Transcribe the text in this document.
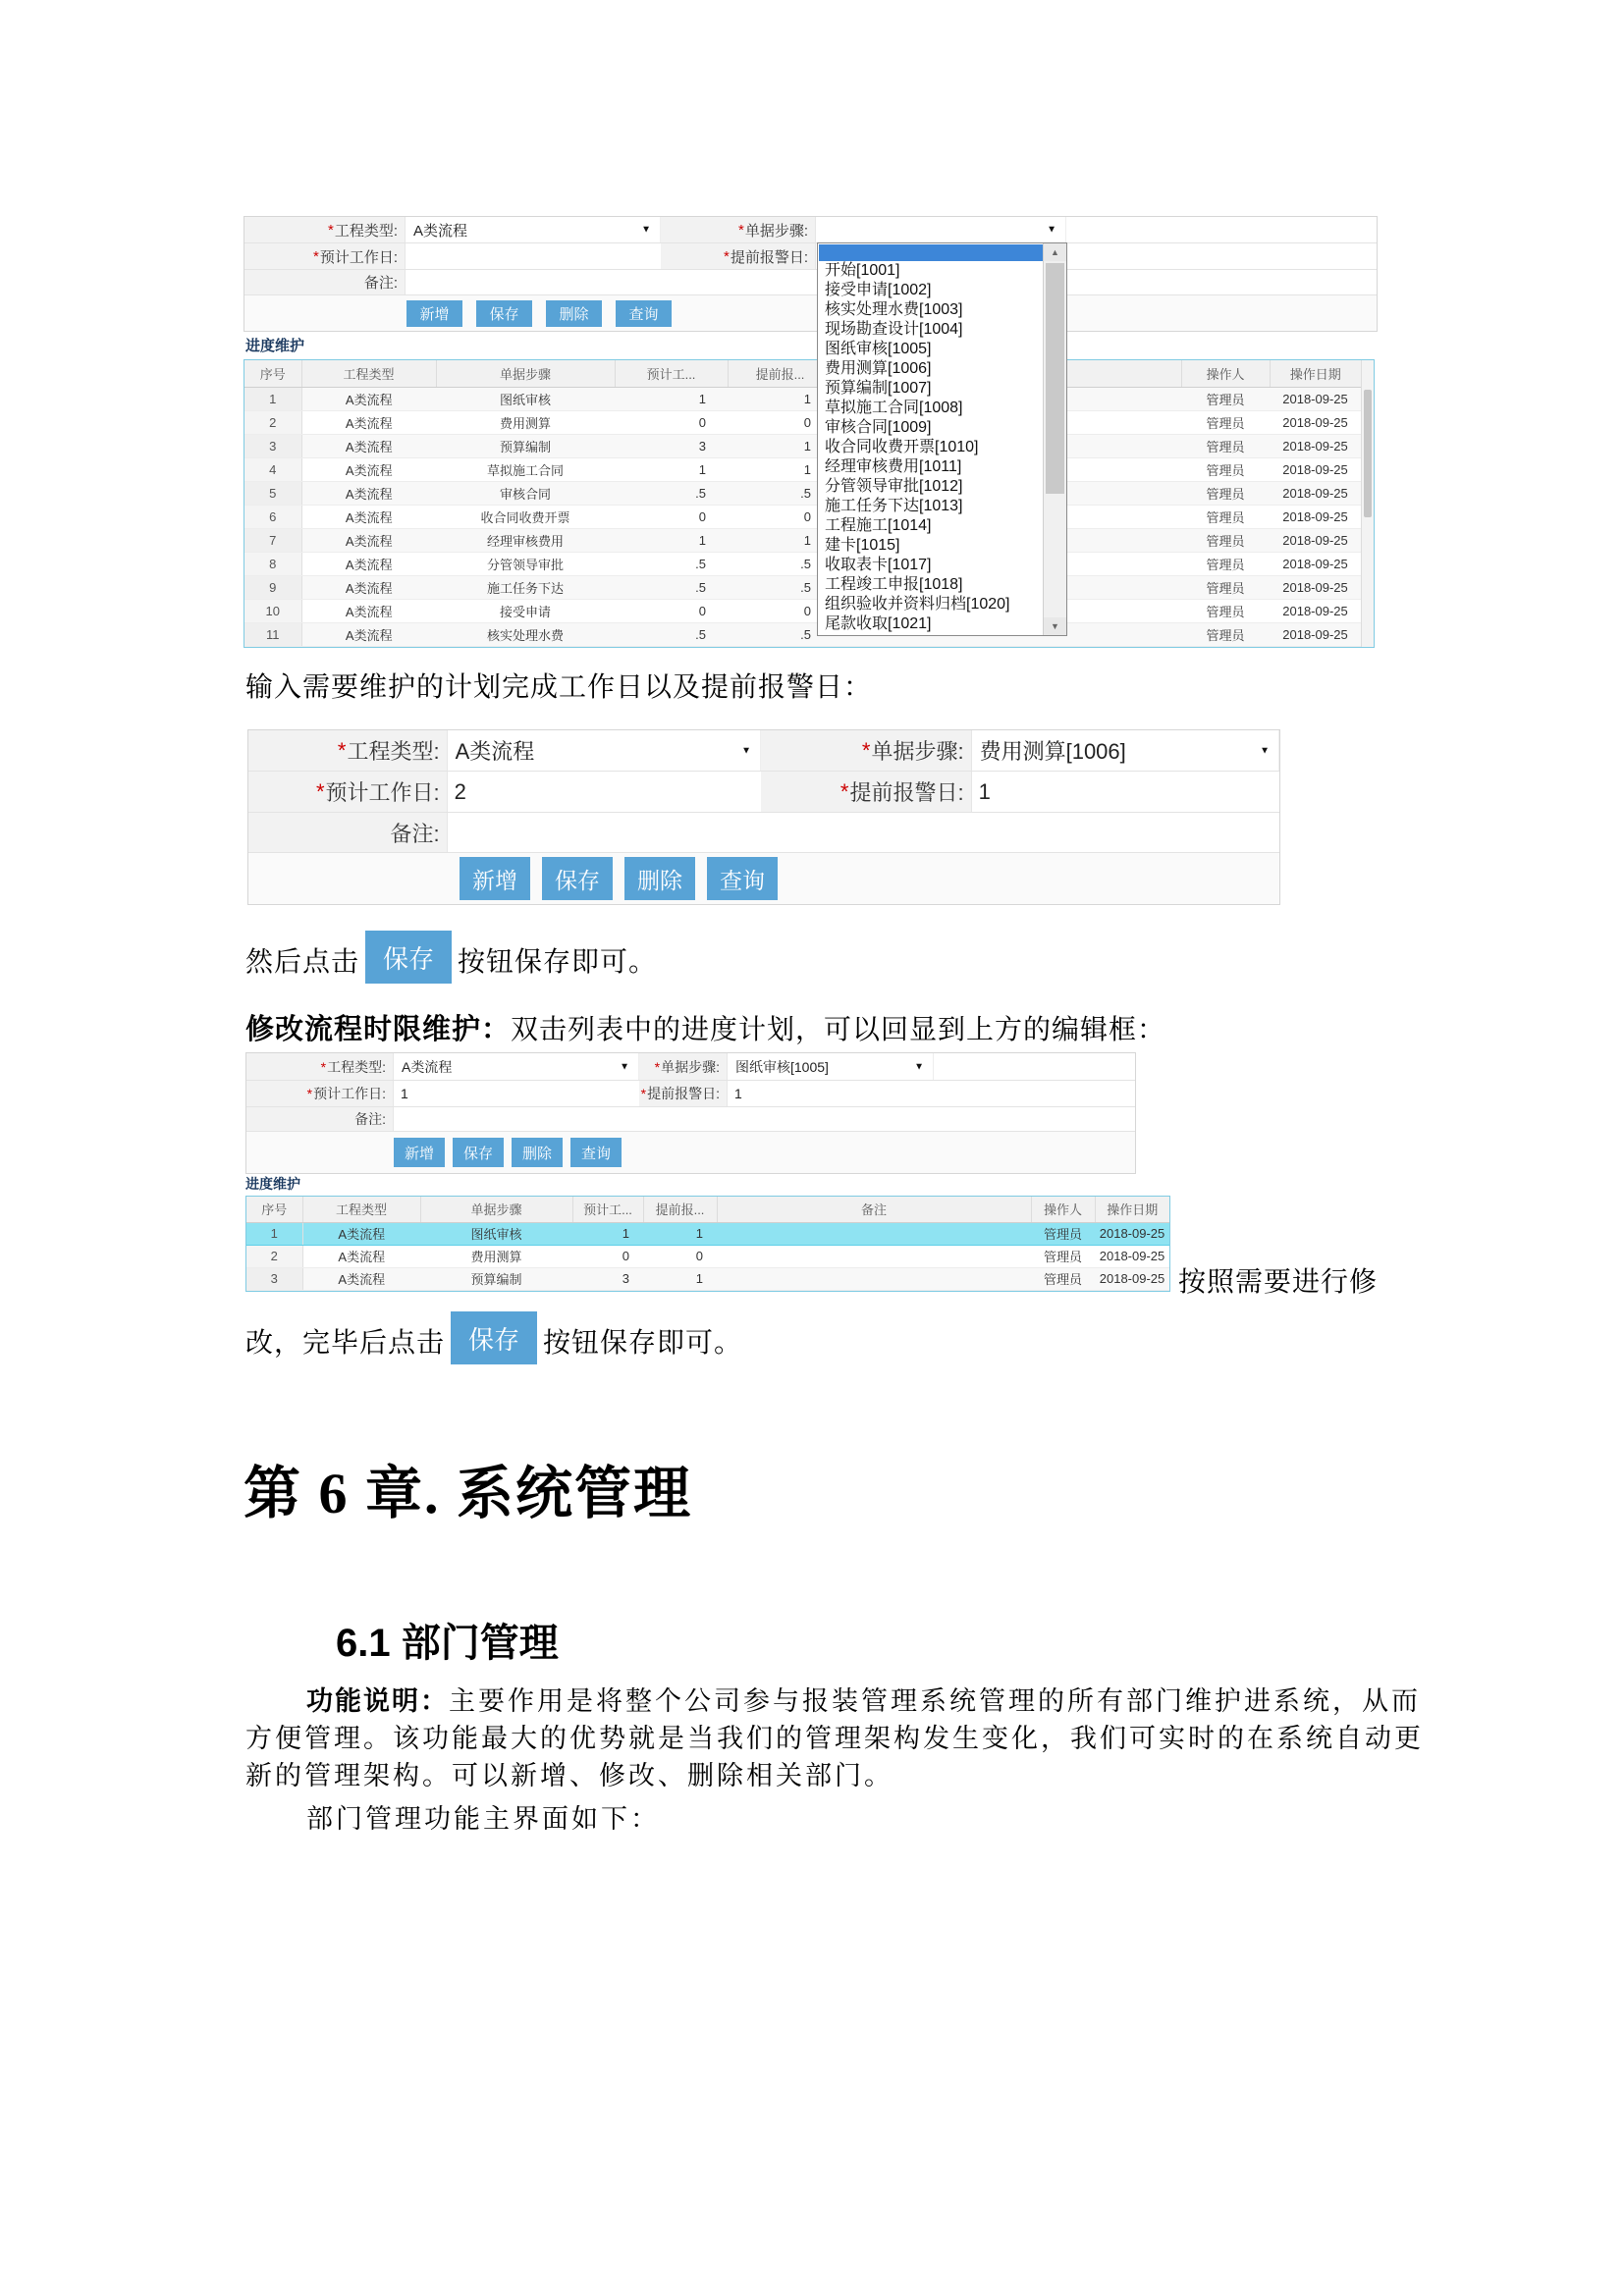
* 工程类型: A类流程	▼	* 单据步骤:	▼
* 预计工作日:	* 提前报警日:
备注:
新增	保存	删除	查询
进度维护
序号	工程类型	单据步骤	预计工...	提前报...		操作人	操作日期
1	A类流程	图纸审核	1	1		管理员	2018-09-25
2	A类流程	费用测算	0	0		管理员	2018-09-25
3	A类流程	预算编制	3	1		管理员	2018-09-25
4	A类流程	草拟施工合同	1	1		管理员	2018-09-25
5	A类流程	审核合同	.5	.5		管理员	2018-09-25
6	A类流程	收合同收费开票	0	0		管理员	2018-09-25
7	A类流程	经理审核费用	1	1		管理员	2018-09-25
8	A类流程	分管领导审批	.5	.5		管理员	2018-09-25
9	A类流程	施工任务下达	.5	.5		管理员	2018-09-25
10	A类流程	接受申请	0	0		管理员	2018-09-25
11	A类流程	核实处理水费	.5	.5		管理员	2018-09-25
开始[1001]
接受申请[1002]
核实处理水费[1003]
现场勘查设计[1004]
图纸审核[1005]
费用测算[1006]
预算编制[1007]
草拟施工合同[1008]
审核合同[1009]
收合同收费开票[1010]
经理审核费用[1011]
分管领导审批[1012]
施工任务下达[1013]
工程施工[1014]
建卡[1015]
收取表卡[1017]
工程竣工申报[1018]
组织验收并资料归档[1020]
尾款收取[1021]
▲
▼
输入需要维护的计划完成工作日以及提前报警日：
* 工程类型: A类流程	▼	* 单据步骤: 费用测算[1006]	▼
* 预计工作日: 2	* 提前报警日: 1
备注:
新增	保存	删除	查询
然后点击 保存 按钮保存即可。
修改流程时限维护：双击列表中的进度计划，可以回显到上方的编辑框：
* 工程类型: A类流程	▼ * 单据步骤: 图纸审核[1005]	▼
* 预计工作日: 1	* 提前报警日: 1
备注:
新增	保存	删除	查询
进度维护
序号	工程类型	单据步骤	预计工...	提前报...	备注	操作人	操作日期
1	A类流程	图纸审核	1	1		管理员	2018-09-25
2	A类流程	费用测算	0	0		管理员	2018-09-25
3	A类流程	预算编制	3	1		管理员	2018-09-25 按照需要进行修
改，完毕后点击 保存 按钮保存即可。
第 6 章. 系统管理
6.1 部门管理
功能说明：主要作用是将整个公司参与报装管理系统管理的所有部门维护进系统，从而
方便管理。该功能最大的优势就是当我们的管理架构发生变化，我们可实时的在系统自动更
新的管理架构。可以新增、修改、删除相关部门。
部门管理功能主界面如下：
